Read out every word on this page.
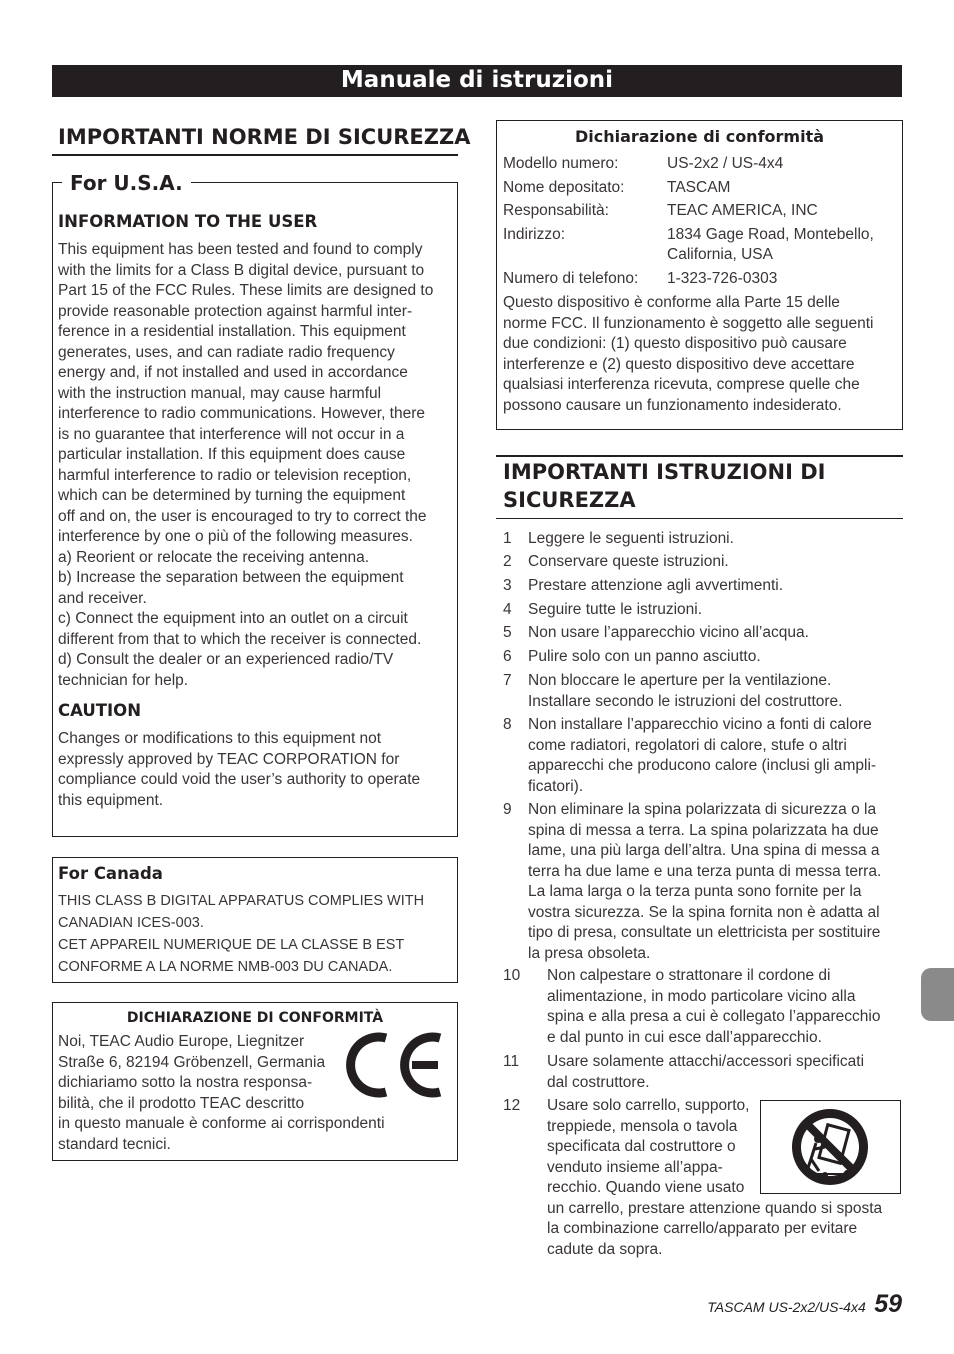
Manuale di istruzioni
IMPORTANTI NORME DI SICUREZZA
For U.S.A.
INFORMATION TO THE USER
This equipment has been tested and found to comply
with the limits for a Class B digital device, pursuant to
Part 15 of the FCC Rules. These limits are designed to
provide reasonable protection against harmful inter-
ference in a residential installation. This equipment
generates, uses, and can radiate radio frequency
energy and, if not installed and used in accordance
with the instruction manual, may cause harmful
interference to radio communications. However, there
is no guarantee that interference will not occur in a
particular installation. If this equipment does cause
harmful interference to radio or television reception,
which can be determined by turning the equipment
off and on, the user is encouraged to try to correct the
interference by one o più of the following measures.
a) Reorient or relocate the receiving antenna.
b) Increase the separation between the equipment
and receiver.
c) Connect the equipment into an outlet on a circuit
different from that to which the receiver is connected.
d) Consult the dealer or an experienced radio/TV
technician for help.
CAUTION
Changes or modifications to this equipment not
expressly approved by TEAC CORPORATION for
compliance could void the user’s authority to operate
this equipment.
For Canada
THIS CLASS B DIGITAL APPARATUS COMPLIES WITH
CANADIAN ICES-003.
CET APPAREIL NUMERIQUE DE LA CLASSE B EST
CONFORME A LA NORME NMB-003 DU CANADA.
DICHIARAZIONE DI CONFORMITÀ
Noi, TEAC Audio Europe, Liegnitzer
Straße 6, 82194 Gröbenzell, Germania
dichiariamo sotto la nostra responsa-
bilità, che il prodotto TEAC descritto
in questo manuale è conforme ai corrispondenti
standard tecnici.
Dichiarazione di conformità
Modello numero:	US-2x2 / US-4x4
Nome depositato:	TASCAM
Responsabilità:	TEAC AMERICA, INC
Indirizzo:	1834 Gage Road, Montebello,
California, USA
Numero di telefono: 1-323-726-0303
Questo dispositivo è conforme alla Parte 15 delle
norme FCC. Il funzionamento è soggetto alle seguenti
due condizioni: (1) questo dispositivo può causare
interferenze e (2) questo dispositivo deve accettare
qualsiasi interferenza ricevuta, comprese quelle che
possono causare un funzionamento indesiderato.
IMPORTANTI ISTRUZIONI DI
SICUREZZA
1 Leggere le seguenti istruzioni.
2 Conservare queste istruzioni.
3 Prestare attenzione agli avvertimenti.
4 Seguire tutte le istruzioni.
5 Non usare l’apparecchio vicino all’acqua.
6 Pulire solo con un panno asciutto.
7 Non bloccare le aperture per la ventilazione.
Installare secondo le istruzioni del costruttore.
8 Non installare l’apparecchio vicino a fonti di calore
come radiatori, regolatori di calore, stufe o altri
apparecchi che producono calore (inclusi gli ampli-
ficatori).
9 Non eliminare la spina polarizzata di sicurezza o la
spina di messa a terra. La spina polarizzata ha due
lame, una più larga dell’altra. Una spina di messa a
terra ha due lame e una terza punta di messa terra.
La lama larga o la terza punta sono fornite per la
vostra sicurezza. Se la spina fornita non è adatta al
tipo di presa, consultate un elettricista per sostituire
la presa obsoleta.
10 Non calpestare o strattonare il cordone di
alimentazione, in modo particolare vicino alla
spina e alla presa a cui è collegato l’apparecchio
e dal punto in cui esce dall’apparecchio.
11 Usare solamente attacchi/accessori specificati
dal costruttore.
12 Usare solo carrello, supporto,
treppiede, mensola o tavola
specificata dal costruttore o
venduto insieme all’appa-
recchio. Quando viene usato
un carrello, prestare attenzione quando si sposta
la combinazione carrello/apparato per evitare
cadute da sopra.
TASCAM US-2x2/US-4x4 59
